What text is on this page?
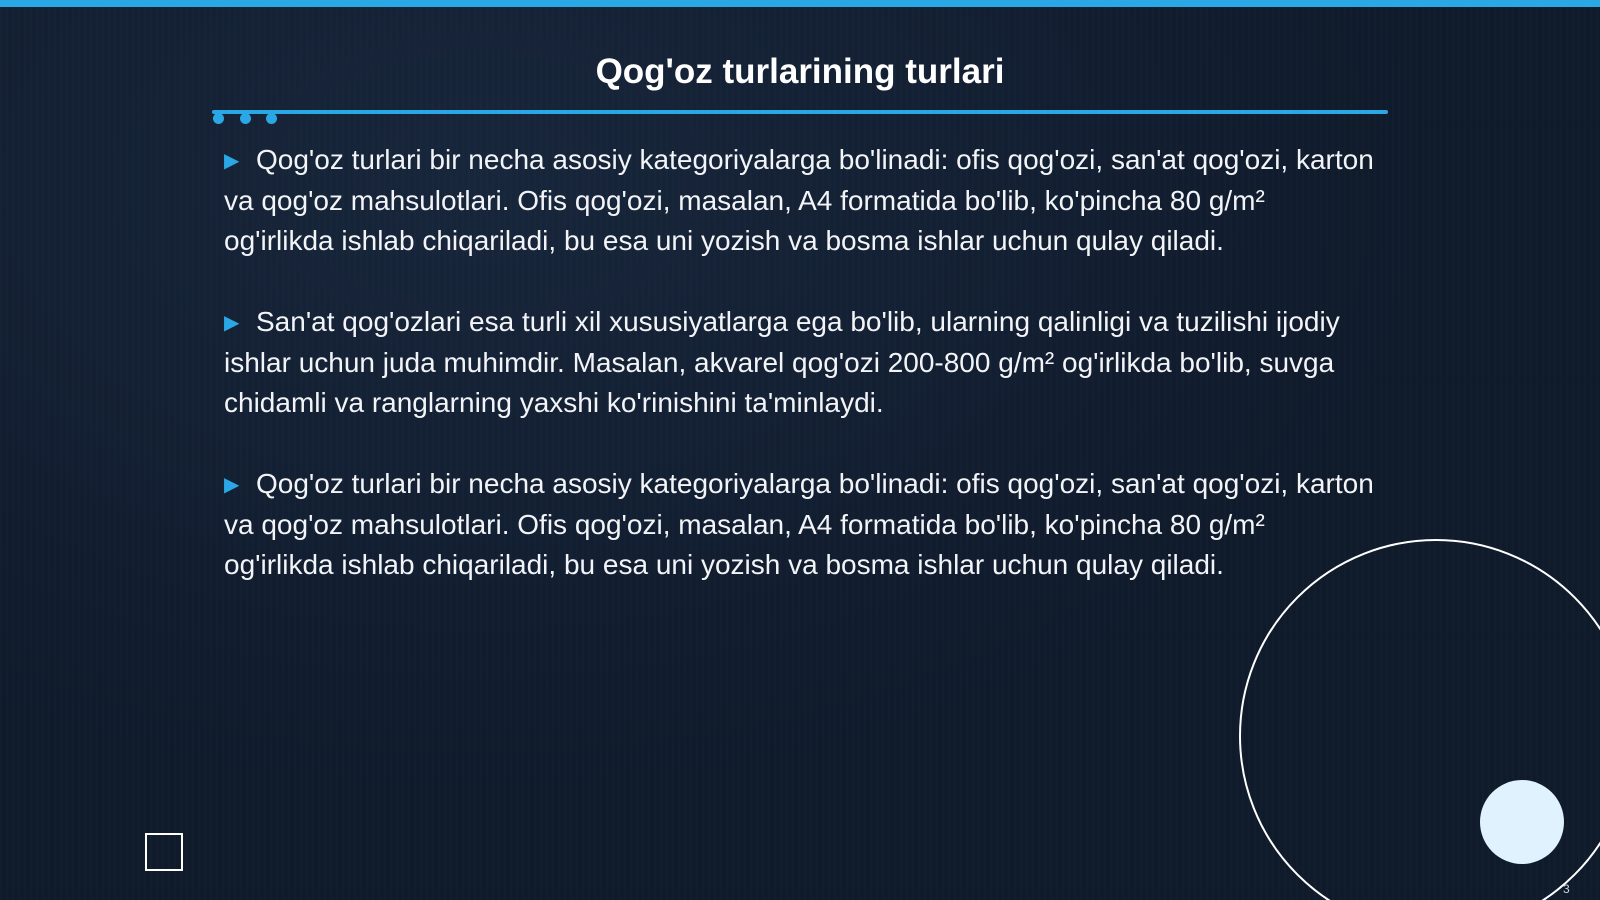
Qog'oz turlarining turlari

▶ Qog'oz turlari bir necha asosiy kategoriyalarga bo'linadi: ofis qog'ozi, san'at qog'ozi, karton va qog'oz mahsulotlari. Ofis qog'ozi, masalan, A4 formatida bo'lib, ko'pincha 80 g/m² og'irlikda ishlab chiqariladi, bu esa uni yozish va bosma ishlar uchun qulay qiladi.

▶ San'at qog'ozlari esa turli xil xususiyatlarga ega bo'lib, ularning qalinligi va tuzilishi ijodiy ishlar uchun juda muhimdir. Masalan, akvarel qog'ozi 200-800 g/m² og'irlikda bo'lib, suvga chidamli va ranglarning yaxshi ko'rinishini ta'minlaydi.

▶ Qog'oz turlari bir necha asosiy kategoriyalarga bo'linadi: ofis qog'ozi, san'at qog'ozi, karton va qog'oz mahsulotlari. Ofis qog'ozi, masalan, A4 formatida bo'lib, ko'pincha 80 g/m² og'irlikda ishlab chiqariladi, bu esa uni yozish va bosma ishlar uchun qulay qiladi.

3
